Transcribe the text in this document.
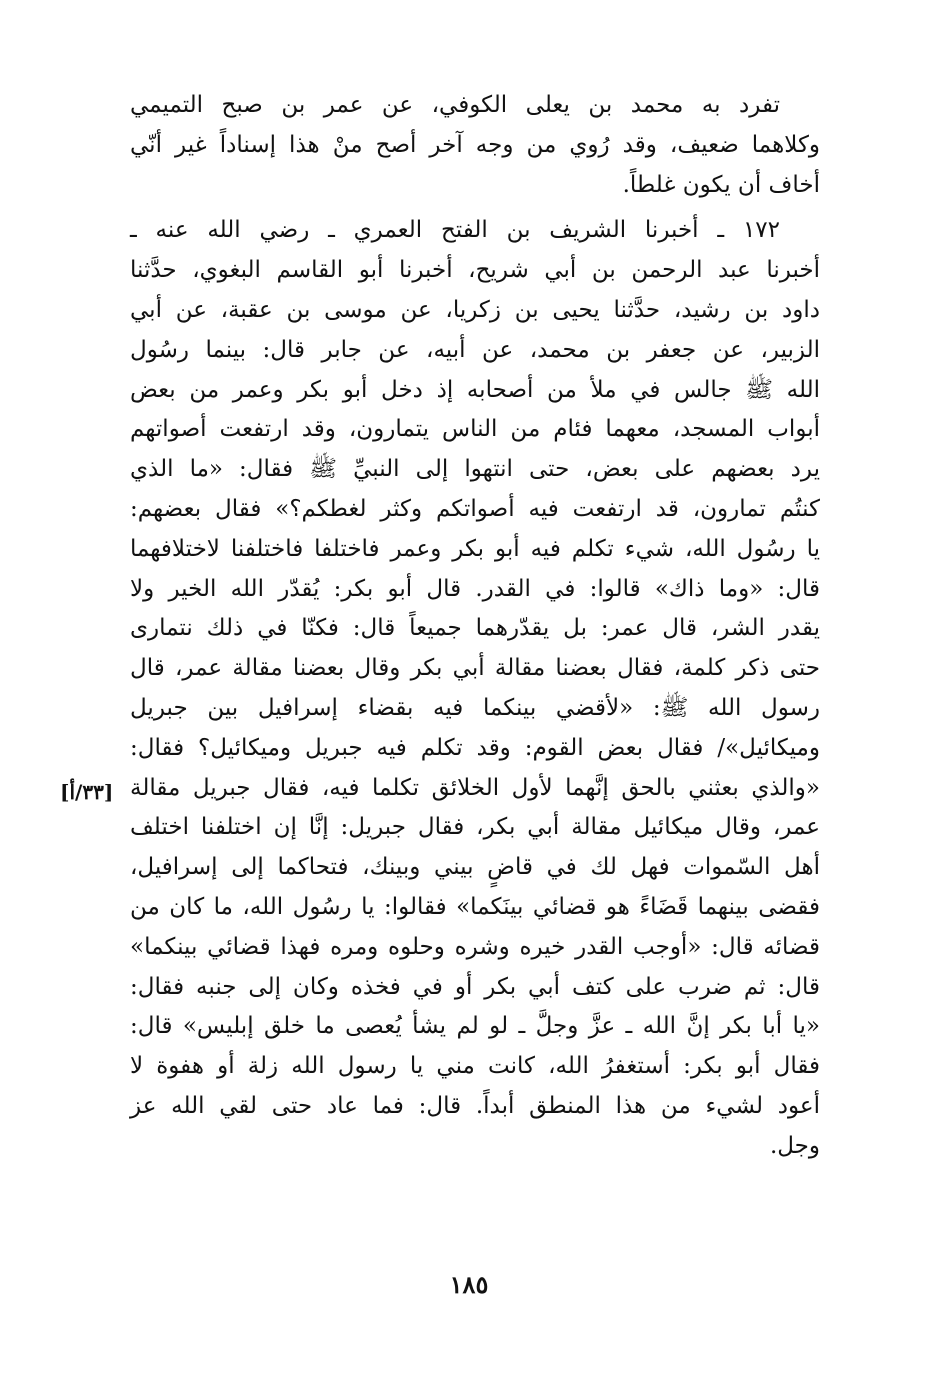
تفرد به محمد بن يعلى الكوفي، عن عمر بن صبح التميمي
وكلاهما ضعيف، وقد رُوي من وجه آخر أصح منْ هذا إسناداً غير أنّي
أخاف أن يكون غلطاً.
١٧٢ ـ أخبرنا الشريف بن الفتح العمري ـ رضي الله عنه ـ
أخبرنا عبد الرحمن بن أبي شريح، أخبرنا أبو القاسم البغوي، حدَّثنا
داود بن رشيد، حدَّثنا يحيى بن زكريا، عن موسى بن عقبة، عن أبي
الزبير، عن جعفر بن محمد، عن أبيه، عن جابر قال: بينما رسُول
الله ﷺ جالس في ملأ من أصحابه إذ دخل أبو بكر وعمر من بعض
أبواب المسجد، معهما فئام من الناس يتمارون، وقد ارتفعت أصواتهم
يرد بعضهم على بعض، حتى انتهوا إلى النبيِّ ﷺ فقال: «ما الذي
كنتُم تمارون، قد ارتفعت فيه أصواتكم وكثر لغطكم؟» فقال بعضهم:
يا رسُول الله، شيء تكلم فيه أبو بكر وعمر فاختلفا فاختلفنا لاختلافهما
قال: «وما ذاك» قالوا: في القدر. قال أبو بكر: يُقدّر الله الخير ولا
يقدر الشر، قال عمر: بل يقدّرهما جميعاً قال: فكنّا في ذلك نتمارى
حتى ذكر كلمة، فقال بعضنا مقالة أبي بكر وقال بعضنا مقالة عمر، قال
رسول الله ﷺ: «لأقضي بينكما فيه بقضاء إسرافيل بين جبريل
وميكائيل»/ فقال بعض القوم: وقد تكلم فيه جبريل وميكائيل؟ فقال:
«والذي بعثني بالحق إنَّهما لأول الخلائق تكلما فيه، فقال جبريل مقالة
عمر، وقال ميكائيل مقالة أبي بكر، فقال جبريل: إنَّا إن اختلفنا اختلف
أهل السّموات فهل لك في قاضٍ بيني وبينك، فتحاكما إلى إسرافيل،
فقضى بينهما قَضَاءً هو قضائي بينَكما» فقالوا: يا رسُول الله، ما كان من
قضائه قال: «أوجب القدر خيره وشره وحلوه ومره فهذا قضائي بينكما»
قال: ثم ضرب على كتف أبي بكر أو في فخذه وكان إلى جنبه فقال:
«يا أبا بكر إنَّ الله ـ عزَّ وجلَّ ـ لو لم يشأ يُعصى ما خلق إبليس» قال:
فقال أبو بكر: أستغفرُ الله، كانت مني يا رسول الله زلة أو هفوة لا
أعود لشيء من هذا المنطق أبداً. قال: فما عاد حتى لقي الله عز
وجل.
[٣٣/أ]
١٨٥
